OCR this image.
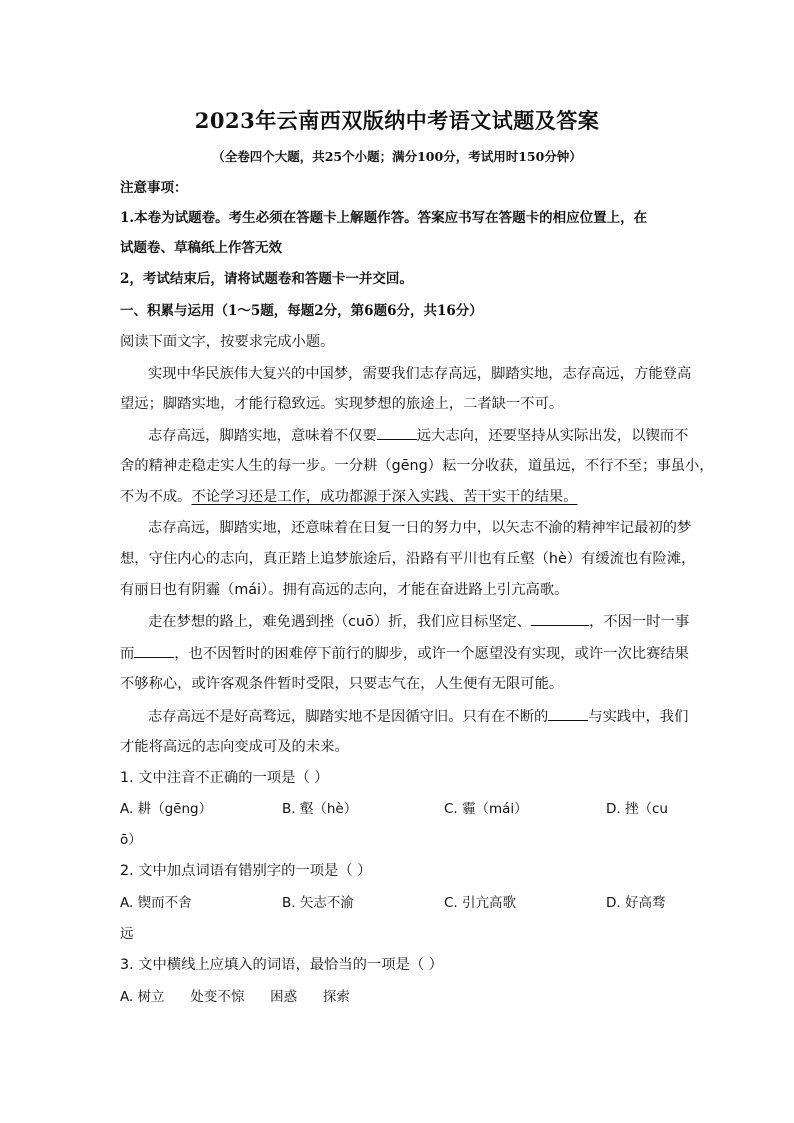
2023年云南西双版纳中考语文试题及答案
（全卷四个大题，共25个小题；满分100分，考试用时150分钟）
注意事项：
1.本卷为试题卷。考生必须在答题卡上解题作答。答案应书写在答题卡的相应位置上，在
试题卷、草稿纸上作答无效
2，考试结束后，请将试题卷和答题卡一并交回。
一、积累与运用（1～5题，每题2分，第6题6分，共16分）
阅读下面文字，按要求完成小题。
实现中华民族伟大复兴的中国梦，需要我们志存高远，脚踏实地，志存高远，方能登高
望远；脚踏实地，才能行稳致远。实现梦想的旅途上，二者缺一不可。
志存高远，脚踏实地，意味着不仅要	远大志向，还要坚持从实际出发，以锲而不
舍的精神走稳走实人生的每一步。一分耕（gēng）耘一分收获，道虽远，不行不至；事虽小，
不为不成。不论学习还是工作，成功都源于深入实践、苦干实干的结果。
志存高远，脚踏实地，还意味着在日复一日的努力中，以矢志不渝的精神牢记最初的梦
想，守住内心的志向，真正踏上追梦旅途后，沿路有平川也有丘壑（hè）有缓流也有险滩，
有丽日也有阴霾（mái）。拥有高远的志向，才能在奋进路上引亢高歌。
走在梦想的路上，难免遇到挫（cuō）折，我们应目标坚定、	，不因一时一事
而	，也不因暂时的困难停下前行的脚步，或许一个愿望没有实现，或许一次比赛结果
不够称心，或许客观条件暂时受限，只要志气在，人生便有无限可能。
志存高远不是好高骛远，脚踏实地不是因循守旧。只有在不断的	与实践中，我们
才能将高远的志向变成可及的未来。
1. 文中注音不正确的一项是（ ）
A. 耕（gēng）	B. 壑（hè）	C. 霾（mái）	D. 挫（cu
ō）
2. 文中加点词语有错别字的一项是（ ）
A. 锲而不舍	B. 矢志不渝	C. 引亢高歌	D. 好高骛
远
3. 文中横线上应填入的词语，最恰当的一项是（ ）
A. 树立      处变不惊      困惑      探索
